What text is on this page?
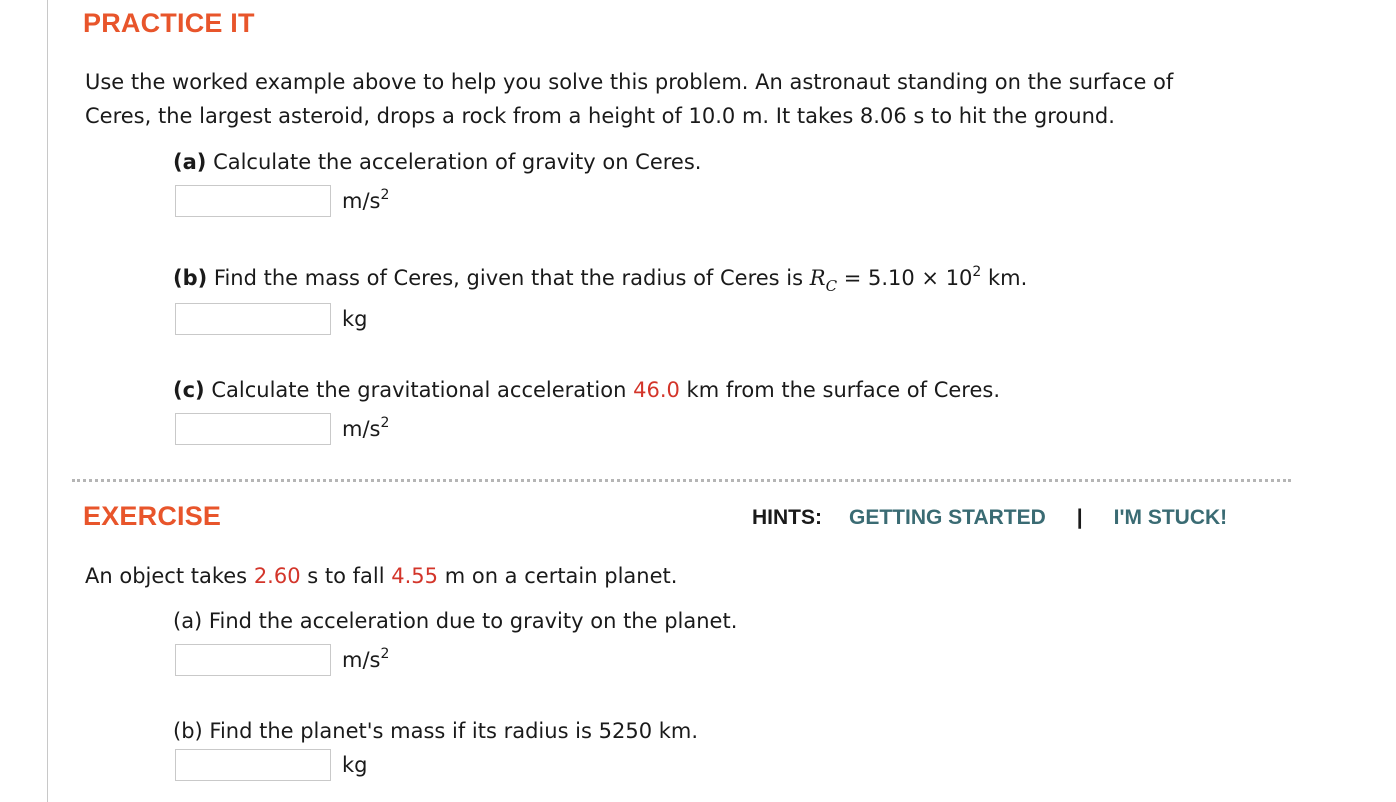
PRACTICE IT
Use the worked example above to help you solve this problem. An astronaut standing on the surface of
Ceres, the largest asteroid, drops a rock from a height of 10.0 m. It takes 8.06 s to hit the ground.
(a) Calculate the acceleration of gravity on Ceres.
$m/s^2$
(b) Find the mass of Ceres, given that the radius of Ceres is $R_C = 5.10 \times 10^2$ km.
kg
(c) Calculate the gravitational acceleration 46.0 km from the surface of Ceres.
$m/s^2$
EXERCISE	HINTS: GETTING STARTED | I'M STUCK!
An object takes 2.60 s to fall 4.55 m on a certain planet.
(a) Find the acceleration due to gravity on the planet.
$m/s^2$
(b) Find the planet's mass if its radius is 5250 km.
kg
